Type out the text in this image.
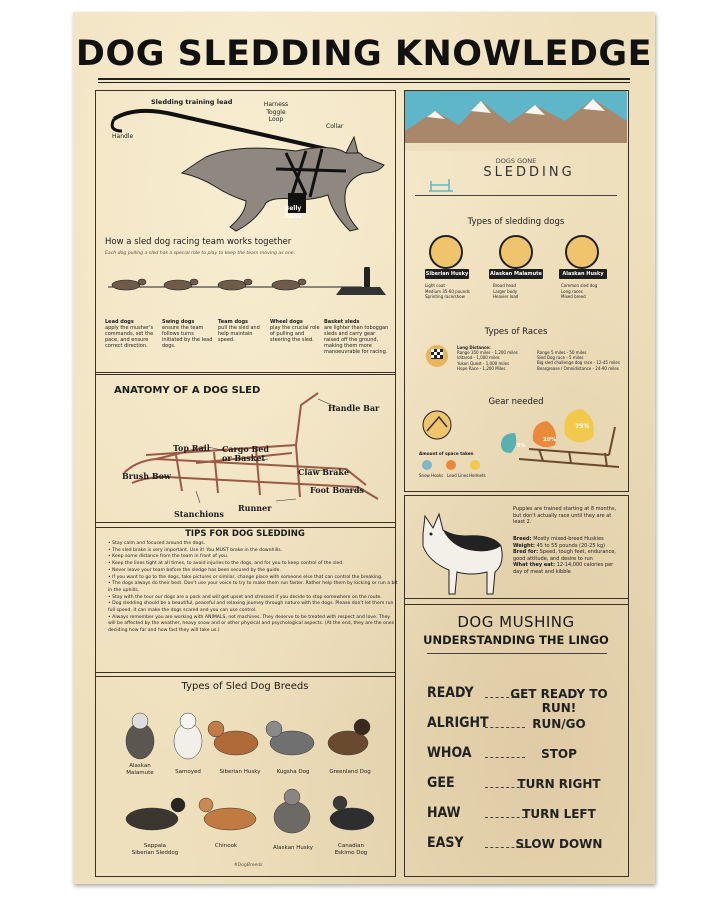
DOG SLEDDING KNOWLEDGE
Sledding training lead	Harness
Toggle
Loop
Collar
Handle
Belly
Band
How a sled dog racing team works together
Each dog pulling a sled has a special role to play to keep the team moving as one.
Lead dogs
apply the musher's commands, set the pace, and ensure correct direction.
Swing dogs
ensure the team follows turns initiated by the lead dogs.
Team dogs
pull the sled and help maintain speed.
Wheel dogs
play the crucial role of pulling and steering the sled.
Basket sleds
are lighter than toboggan sleds and carry gear raised off the ground, making them more manoeuvrable for racing.
ANATOMY OF A DOG SLED
Handle Bar
Top Rail Cargo Bed
or Basket
Brush Bow	Claw Brake
Foot Boards
Runner
Stanchions
TIPS FOR DOG SLEDDING
• Stay calm and focused around the dogs.
• The sled brake is very important. Use it! You MUST brake in the downhills.
• Keep some distance from the team in front of you.
• Keep the lines tight at all times, to avoid injuries to the dogs, and for you to keep control of the sled.
• Never leave your team before the sledge has been secured by the guide.
• If you want to go to the dogs, take pictures or similar, change place with someone else that can control the breaking.
• The dogs always do their best. Don't use your voice to try to make them run faster. Rather help them by kicking or run a bit in the uphills.
• Stay with the tour our dogs are a pack and will get upset and stressed if you decide to stop somewhere on the route.
• Dog sledding should be a beautiful, peaceful and relaxing journey through nature with the dogs. Please don't let them run full speed, it can make the dogs scared and you can use control.
• Always remember you are working with ANIMALS, not machines. They deserve to be treated with respect and love. They will be affected by the weather, heavy snow and or other physical and psychological aspects. (At the end, they are the ones deciding how far and how fast they will take us.)
Types of Sled Dog Breeds
Alaskan
Malamute	Samoyed	Siberian Husky	Kugsha Dog	Greenland Dog
Seppala
Siberian Sleddog
Chinook	Alaskan Husky	Canadian
Eskimo Dog
#DogBreeds
DOGS GONE
SLEDDING
Types of sledding dogs
Siberian Husky	Alaskan Malamute	Alaskan Husky
Light coat
Medium 35-60 pounds
Sprinting race/show
Broad head
Larger body
Heavier load
Common sled dog
Long races
Mixed breed
Types of Races
Long Distance:
Range 350 miles - 1,200 miles
Iditarod - 1,000 miles
Yukon Quest - 1,000 miles
Hope Race - 1,200 Miles
Range 5 miles - 50 miles
Sled Dog race - 5 miles
Big sled challenge dog race - 12-45 miles
Beargrease / Omnidistance - 24-90 miles
Gear needed
5%
20%
75%
Amount of space taken
Snow Hooks Lead Lines Helmets
Puppies are trained starting at 8 months, but don't actually race until they are at least 2.
Breed: Mostly mixed-breed Huskies
Weight: 45 to 55 pounds (20-25 kg)
Bred for: Speed, tough feet, endurance, good attitude, and desire to run
What they eat: 12-14,000 calories per day of meat and kibble
DOG MUSHING
UNDERSTANDING THE LINGO
READY	GET READY TO RUN!
ALRIGHT	RUN/GO
WHOA	STOP
GEE	TURN RIGHT
HAW	TURN LEFT
EASY	SLOW DOWN
